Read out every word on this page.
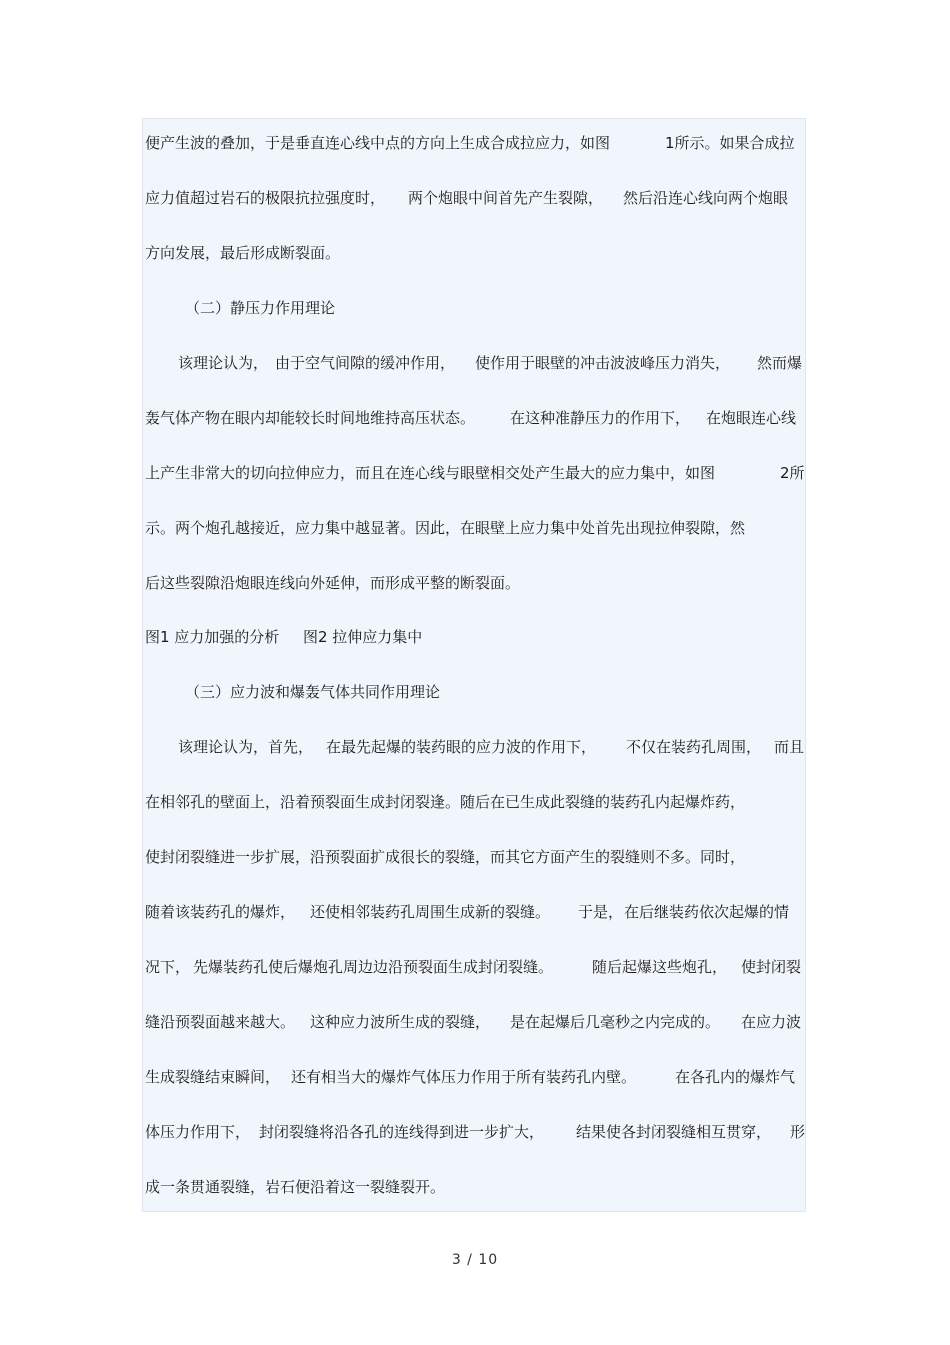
便产生波的叠加，于是垂直连心线中点的方向上生成合成拉应力，如图	1所示。如果合成拉
应力值超过岩石的极限抗拉强度时， 两个炮眼中间首先产生裂隙， 然后沿连心线向两个炮眼
方向发展，最后形成断裂面。
（二）静压力作用理论
该理论认为， 由于空气间隙的缓冲作用， 使作用于眼壁的冲击波波峰压力消失， 然而爆
轰气体产物在眼内却能较长时间地维持高压状态。 在这种准静压力的作用下， 在炮眼连心线
上产生非常大的切向拉伸应力，而且在连心线与眼壁相交处产生最大的应力集中，如图	2所
示。两个炮孔越接近，应力集中越显著。因此，在眼壁上应力集中处首先出现拉伸裂隙，然
后这些裂隙沿炮眼连线向外延伸，而形成平整的断裂面。
图1 应力加强的分析 图2 拉伸应力集中
（三）应力波和爆轰气体共同作用理论
该理论认为，首先， 在最先起爆的装药眼的应力波的作用下， 不仅在装药孔周围， 而且
在相邻孔的壁面上，沿着预裂面生成封闭裂逢。随后在已生成此裂缝的装药孔内起爆炸药，
使封闭裂缝进一步扩展，沿预裂面扩成很长的裂缝，而其它方面产生的裂缝则不多。同时，
随着该装药孔的爆炸， 还使相邻装药孔周围生成新的裂缝。 于是， 在后继装药依次起爆的情
况下， 先爆装药孔使后爆炮孔周边边沿预裂面生成封闭裂缝。	随后起爆这些炮孔， 使封闭裂
缝沿预裂面越来越大。 这种应力波所生成的裂缝， 是在起爆后几毫秒之内完成的。 在应力波
生成裂缝结束瞬间， 还有相当大的爆炸气体压力作用于所有装药孔内壁。	在各孔内的爆炸气
体压力作用下， 封闭裂缝将沿各孔的连线得到进一步扩大， 结果使各封闭裂缝相互贯穿， 形
成一条贯通裂缝，岩石便沿着这一裂缝裂开。
3 / 10
